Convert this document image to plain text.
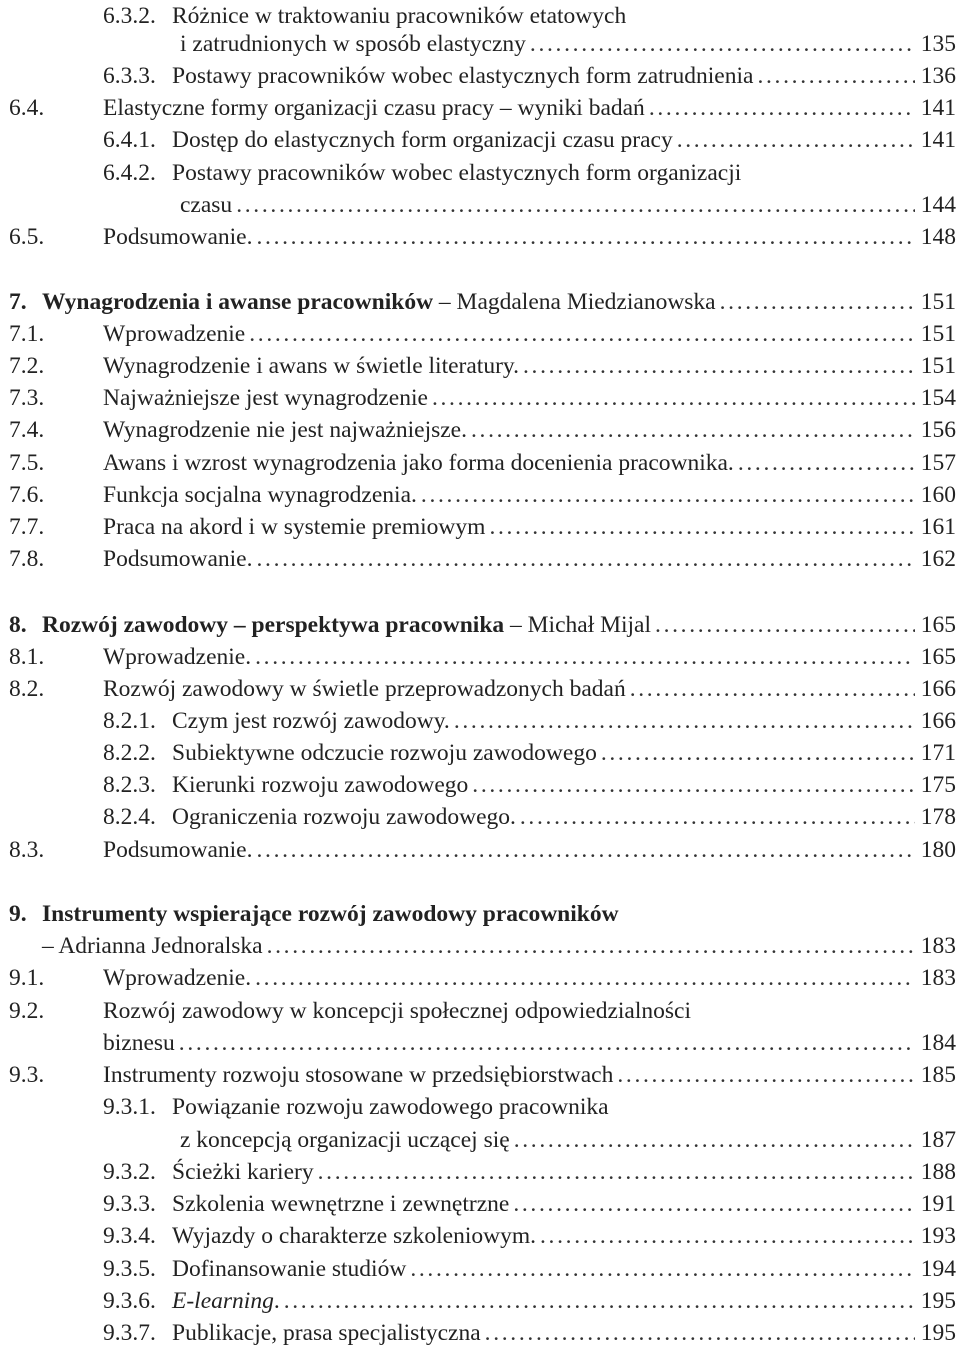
6.3.2. Różnice w traktowaniu pracowników etatowych
i zatrudnionych w sposób elastyczny . . .	135
6.3.3. Postawy pracowników wobec elastycznych form zatrudnienia . . .	136
6.4.	Elastyczne formy organizacji czasu pracy – wyniki badań . . .	141
6.4.1. Dostęp do elastycznych form organizacji czasu pracy . . .	141
6.4.2. Postawy pracowników wobec elastycznych form organizacji
czasu . . .	144
6.5.	Podsumowanie. . . .	148
7. Wynagrodzenia i awanse pracowników – Magdalena Miedzianowska . . .	151
7.1.	Wprowadzenie . . .	151
7.2.	Wynagrodzenie i awans w świetle literatury. . . .	151
7.3.	Najważniejsze jest wynagrodzenie . . .	154
7.4.	Wynagrodzenie nie jest najważniejsze. . . .	156
7.5.	Awans i wzrost wynagrodzenia jako forma docenienia pracownika. . . .	157
7.6.	Funkcja socjalna wynagrodzenia. . . .	160
7.7.	Praca na akord i w systemie premiowym . . .	161
7.8.	Podsumowanie. . . .	162
8. Rozwój zawodowy – perspektywa pracownika – Michał Mijal . . .	165
8.1.	Wprowadzenie. . . .	165
8.2.	Rozwój zawodowy w świetle przeprowadzonych badań . . .	166
8.2.1. Czym jest rozwój zawodowy. . . .	166
8.2.2. Subiektywne odczucie rozwoju zawodowego . . .	171
8.2.3. Kierunki rozwoju zawodowego . . .	175
8.2.4. Ograniczenia rozwoju zawodowego. . . .	178
8.3.	Podsumowanie. . . .	180
9. Instrumenty wspierające rozwój zawodowy pracowników
– Adrianna Jednoralska . . .	183
9.1.	Wprowadzenie. . . .	183
9.2.	Rozwój zawodowy w koncepcji społecznej odpowiedzialności
biznesu . . .	184
9.3.	Instrumenty rozwoju stosowane w przedsiębiorstwach . . .	185
9.3.1. Powiązanie rozwoju zawodowego pracownika
z koncepcją organizacji uczącej się . . .	187
9.3.2. Ścieżki kariery . . .	188
9.3.3. Szkolenia wewnętrzne i zewnętrzne . . .	191
9.3.4. Wyjazdy o charakterze szkoleniowym. . . .	193
9.3.5. Dofinansowanie studiów . . .	194
9.3.6. E-learning. . . .	195
9.3.7. Publikacje, prasa specjalistyczna . . .	195
